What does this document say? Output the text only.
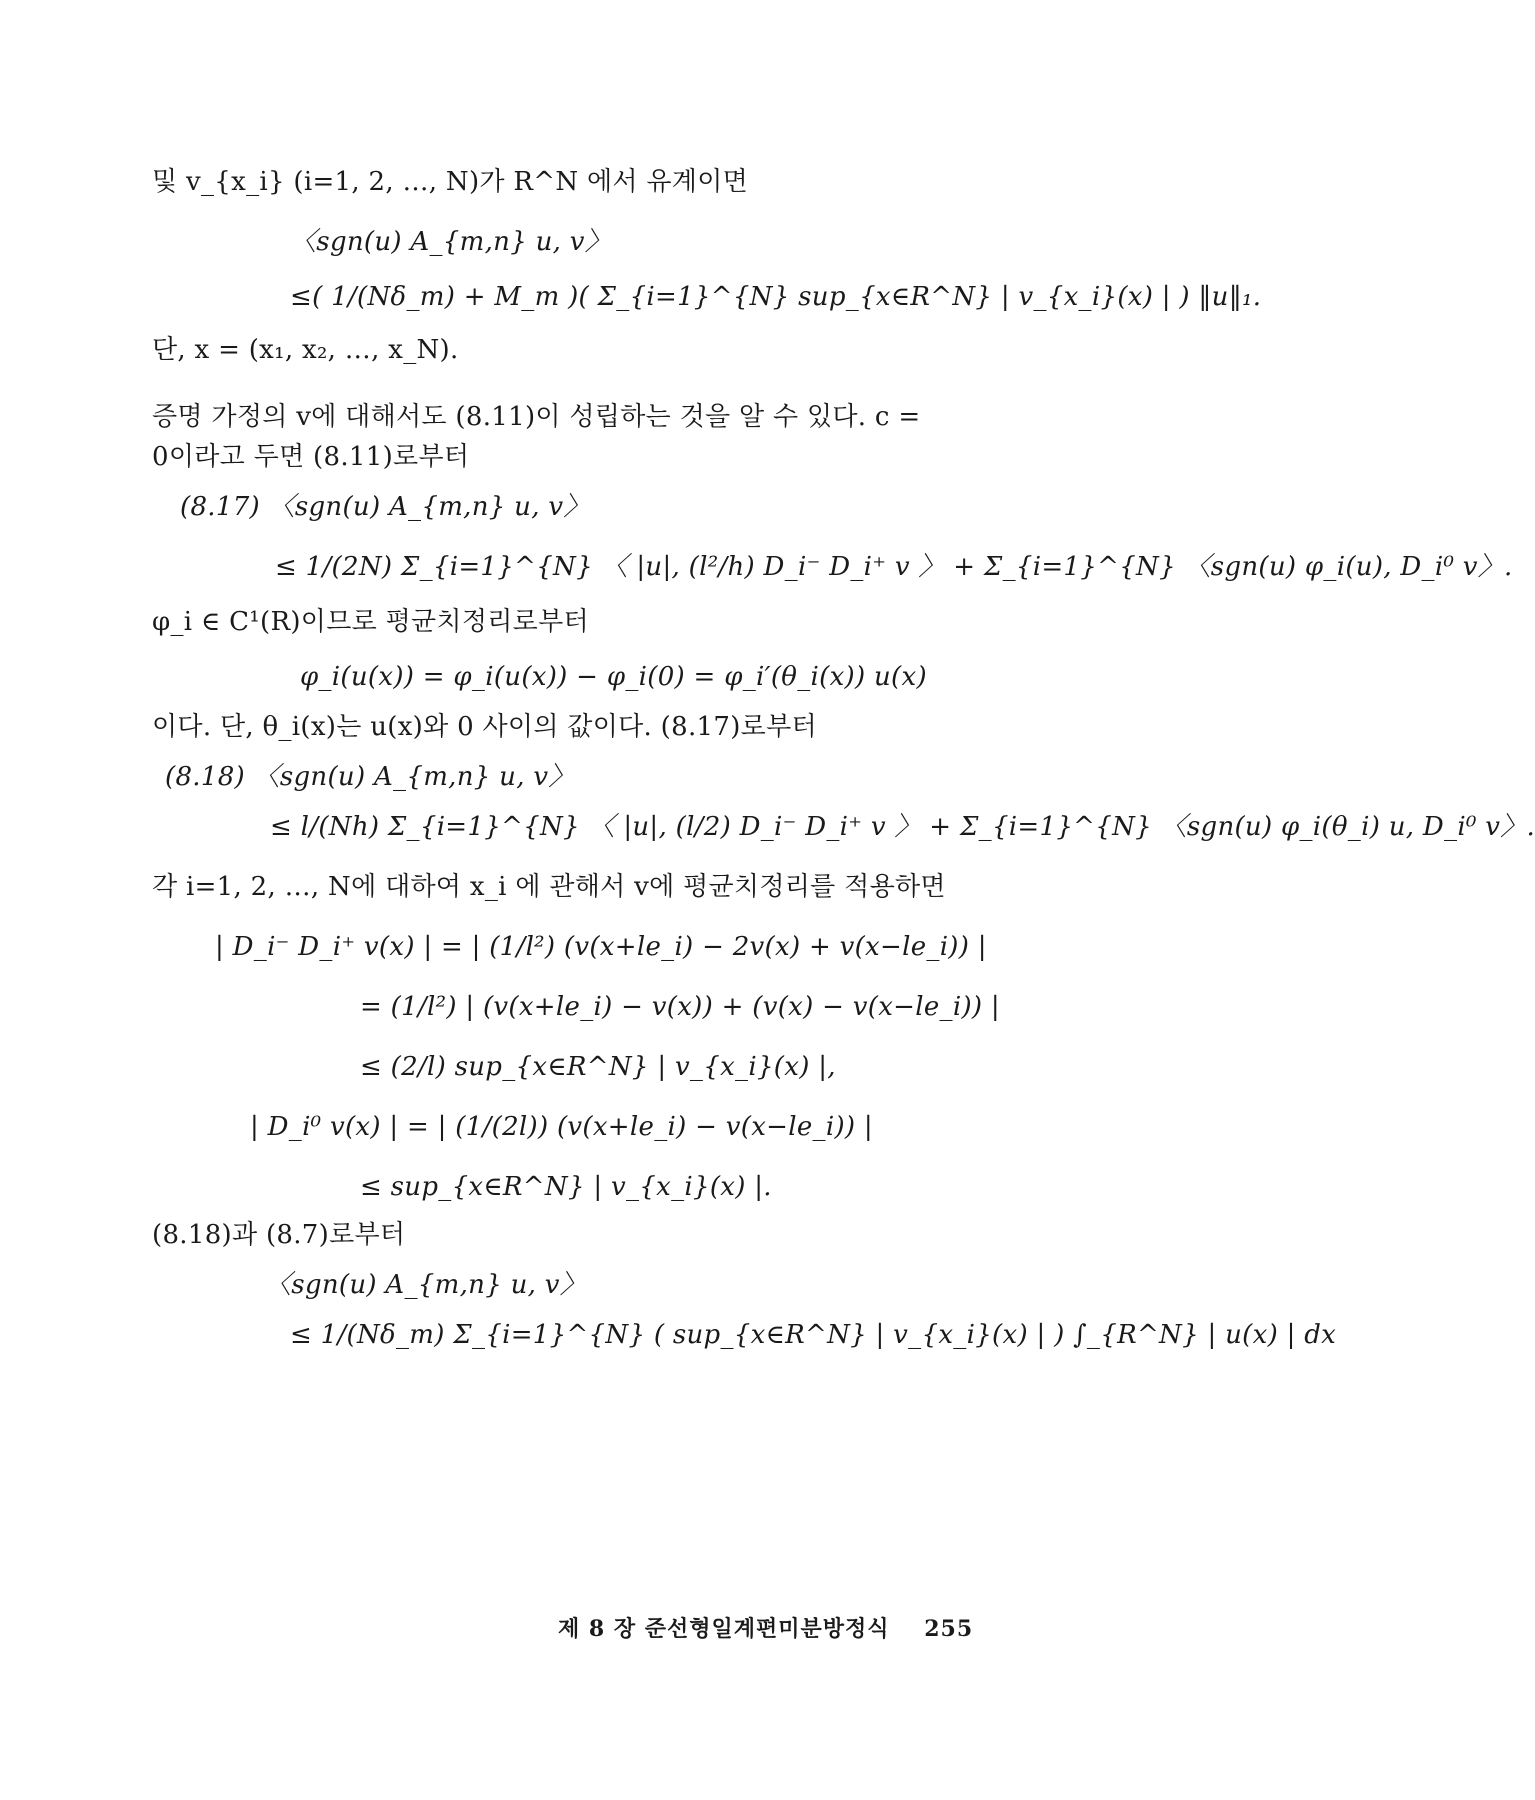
및 v_{x_i} (i=1, 2, …, N)가 R^N 에서 유계이면
〈sgn(u) A_{m,n} u, v〉
≤( 1/(Nδ_m) + M_m )( Σ_{i=1}^{N} sup_{x∈R^N} | v_{x_i}(x) | ) ‖u‖₁.
단, x = (x₁, x₂, …, x_N).
증명 가정의 v에 대해서도 (8.11)이 성립하는 것을 알 수 있다. c =
0이라고 두면 (8.11)로부터
(8.17) 〈sgn(u) A_{m,n} u, v〉
≤ 1/(2N) Σ_{i=1}^{N} 〈 |u|, (l²/h) D_i⁻ D_i⁺ v 〉 + Σ_{i=1}^{N} 〈sgn(u) φ_i(u), D_i⁰ v〉.
φ_i ∈ C¹(R)이므로 평균치정리로부터
φ_i(u(x)) = φ_i(u(x)) − φ_i(0) = φ_i′(θ_i(x)) u(x)
이다. 단, θ_i(x)는 u(x)와 0 사이의 값이다. (8.17)로부터
(8.18) 〈sgn(u) A_{m,n} u, v〉
≤ l/(Nh) Σ_{i=1}^{N} 〈 |u|, (l/2) D_i⁻ D_i⁺ v 〉 + Σ_{i=1}^{N} 〈sgn(u) φ_i(θ_i) u, D_i⁰ v〉.
각 i=1, 2, …, N에 대하여 x_i 에 관해서 v에 평균치정리를 적용하면
| D_i⁻ D_i⁺ v(x) | = | (1/l²) (v(x+le_i) − 2v(x) + v(x−le_i)) |
= (1/l²) | (v(x+le_i) − v(x)) + (v(x) − v(x−le_i)) |
≤ (2/l) sup_{x∈R^N} | v_{x_i}(x) |,
| D_i⁰ v(x) | = | (1/(2l)) (v(x+le_i) − v(x−le_i)) |
≤ sup_{x∈R^N} | v_{x_i}(x) |.
(8.18)과 (8.7)로부터
〈sgn(u) A_{m,n} u, v〉
≤ 1/(Nδ_m) Σ_{i=1}^{N} ( sup_{x∈R^N} | v_{x_i}(x) | ) ∫_{R^N} | u(x) | dx
제 8 장 준선형일계편미분방정식 255
